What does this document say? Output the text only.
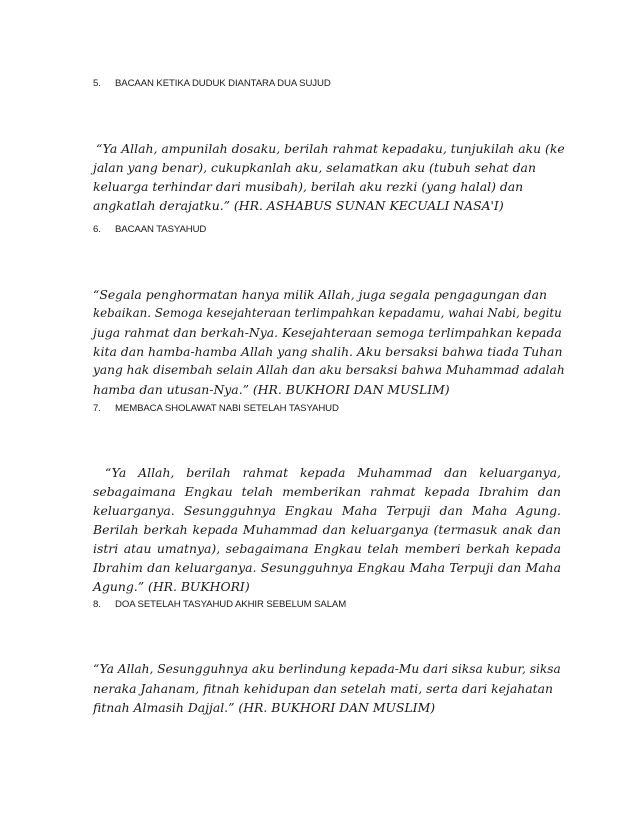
5. BACAAN KETIKA DUDUK DIANTARA DUA SUJUD

“Ya Allah, ampunilah dosaku, berilah rahmat kepadaku, tunjukilah aku (ke
jalan yang benar), cukupkanlah aku, selamatkan aku (tubuh sehat dan
keluarga terhindar dari musibah), berilah aku rezki (yang halal) dan
angkatlah derajatku.” (HR. ASHABUS SUNAN KECUALI NASA'I)

6. BACAAN TASYAHUD

“Segala penghormatan hanya milik Allah, juga segala pengagungan dan
kebaikan. Semoga kesejahteraan terlimpahkan kepadamu, wahai Nabi, begitu
juga rahmat dan berkah-Nya. Kesejahteraan semoga terlimpahkan kepada
kita dan hamba-hamba Allah yang shalih. Aku bersaksi bahwa tiada Tuhan
yang hak disembah selain Allah dan aku bersaksi bahwa Muhammad adalah
hamba dan utusan-Nya.” (HR. BUKHORI DAN MUSLIM)

7. MEMBACA SHOLAWAT NABI SETELAH TASYAHUD

“Ya Allah, berilah rahmat kepada Muhammad dan keluarganya, sebagaimana Engkau telah memberikan rahmat kepada Ibrahim dan keluarganya. Sesungguhnya Engkau Maha Terpuji dan Maha Agung. Berilah berkah kepada Muhammad dan keluarganya (termasuk anak dan istri atau umatnya), sebagaimana Engkau telah memberi berkah kepada Ibrahim dan keluarganya. Sesungguhnya Engkau Maha Terpuji dan Maha Agung.” (HR. BUKHORI)

8. DOA SETELAH TASYAHUD AKHIR SEBELUM SALAM

“Ya Allah, Sesungguhnya aku berlindung kepada-Mu dari siksa kubur, siksa
neraka Jahanam, fitnah kehidupan dan setelah mati, serta dari kejahatan
fitnah Almasih Dajjal.” (HR. BUKHORI DAN MUSLIM)
